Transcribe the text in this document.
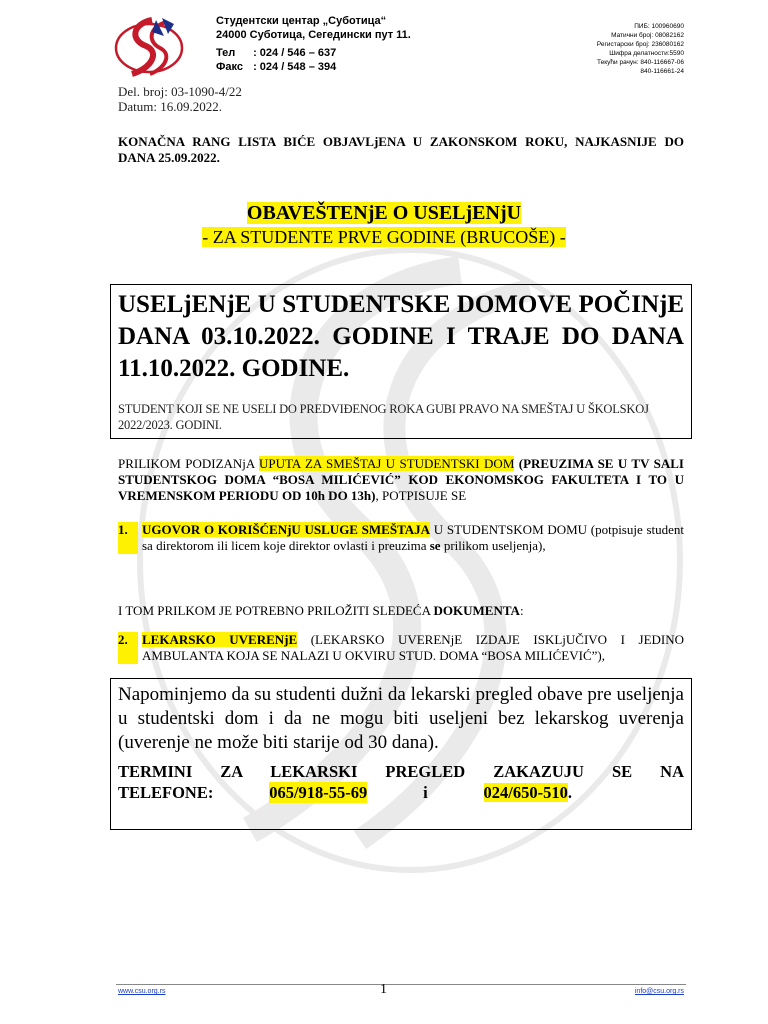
Студентски центар „Суботица“
24000 Суботица, Сегедински пут 11.
Тел : 024 / 546 – 637
Факс : 024 / 548 – 394
ПИБ: 100960690
Матични број: 08082162
Регистарски број: 236080162
Шифра делатности:5590
Текући рачун: 840-116667-06
840-116661-24
Del. broj: 03-1090-4/22
Datum: 16.09.2022.
KONAČNA RANG LISTA BIĆE OBJAVLjENA U ZAKONSKOM ROKU, NAJKASNIJE DO DANA 25.09.2022.
OBAVEŠTENjE O USELjENjU
- ZA STUDENTE PRVE GODINE (BRUCOŠE) -
USELjENjE U STUDENTSKE DOMOVE POČINjE DANA 03.10.2022. GODINE I TRAJE DO DANA 11.10.2022. GODINE.
STUDENT KOJI SE NE USELI DO PREDVIĐENOG ROKA GUBI PRAVO NA SMEŠTAJ U ŠKOLSKOJ 2022/2023. GODINI.
PRILIKOM PODIZANjA UPUTA ZA SMEŠTAJ U STUDENTSKI DOM (PREUZIMA SE U TV SALI STUDENTSKOG DOMA “BOSA MILIĆEVIĆ” KOD EKONOMSKOG FAKULTETA I TO U VREMENSKOM PERIODU OD 10h DO 13h), POTPISUJE SE
1.	UGOVOR O KORIŠĆENjU USLUGE SMEŠTAJA U STUDENTSKOM DOMU (potpisuje student sa direktorom ili licem koje direktor ovlasti i preuzima se prilikom useljenja),
I TOM PRILKOM JE POTREBNO PRILOŽITI SLEDEĆA DOKUMENTA:
2.	LEKARSKO UVERENjE (LEKARSKO UVERENjE IZDAJE ISKLjUČIVO I JEDINO AMBULANTA KOJA SE NALAZI U OKVIRU STUD. DOMA “BOSA MILIĆEVIĆ”),
Napominjemo da su studenti dužni da lekarski pregled obave pre useljenja u studentski dom i da ne mogu biti useljeni bez lekarskog uverenja (uverenje ne može biti starije od 30 dana).
TERMINI ZA LEKARSKI PREGLED ZAKAZUJU SE NA
TELEFONE:	065/918-55-69	i	024/650-510.
www.csu.org.rs	1	info@csu.org.rs
